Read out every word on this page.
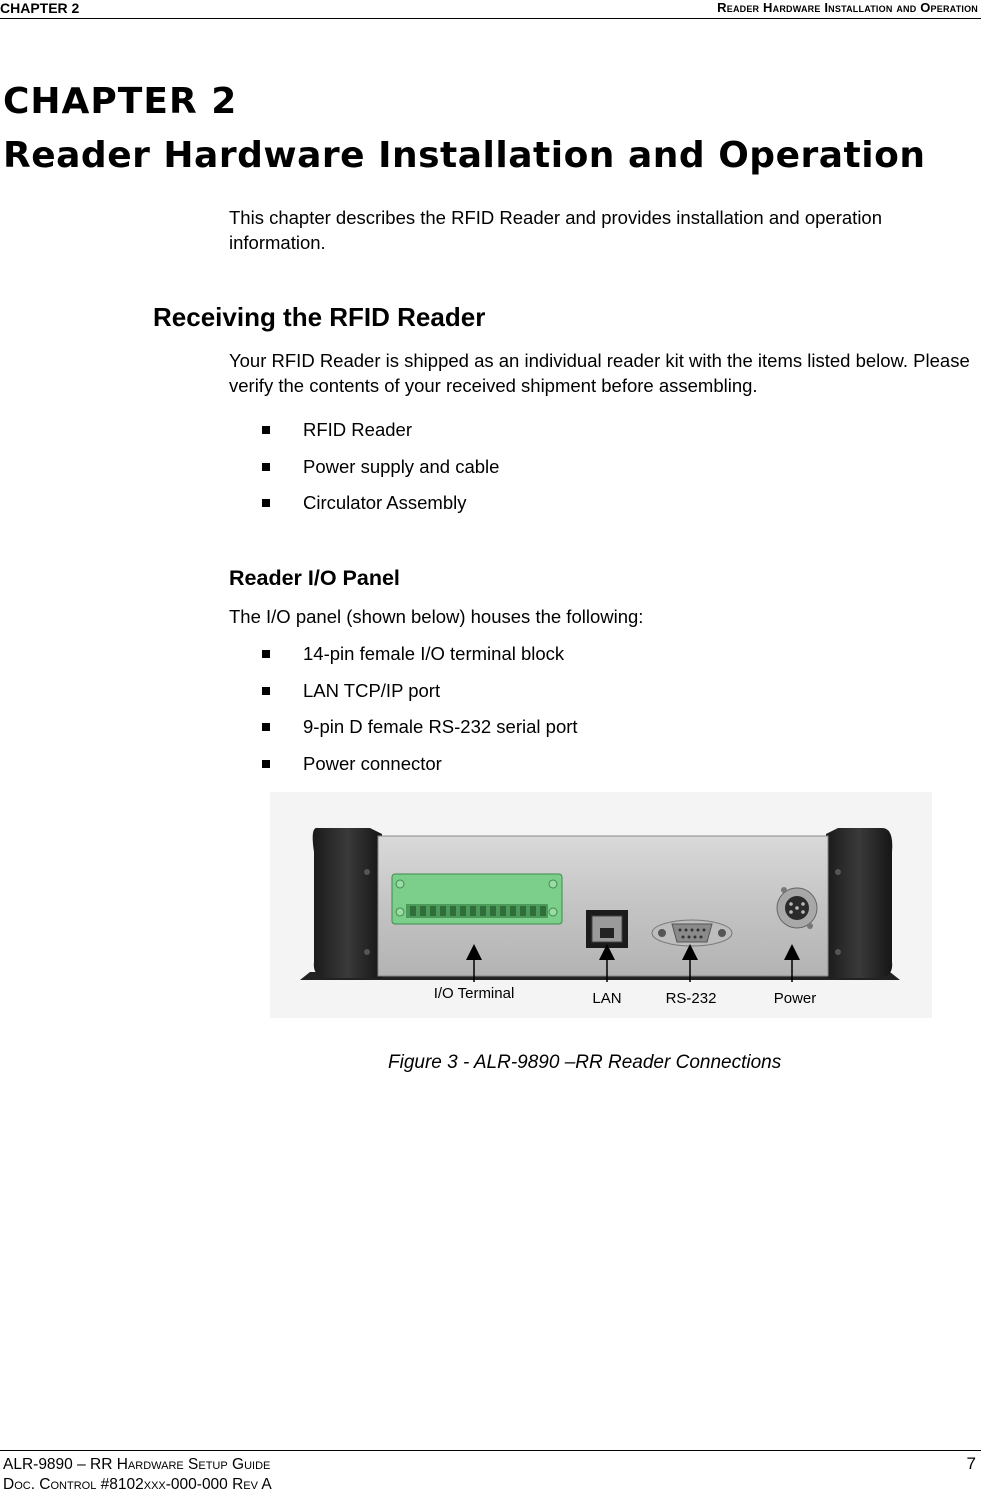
CHAPTER 2	Reader Hardware Installation and Operation
CHAPTER 2
Reader Hardware Installation and Operation
This chapter describes the RFID Reader and provides installation and operation information.
Receiving the RFID Reader
Your RFID Reader is shipped as an individual reader kit with the items listed below. Please verify the contents of your received shipment before assembling.
RFID Reader
Power supply and cable
Circulator Assembly
Reader I/O Panel
The I/O panel (shown below) houses the following:
14-pin female I/O terminal block
LAN TCP/IP port
9-pin D female RS-232 serial port
Power connector
I/O Terminal	LAN	RS-232	Power
Figure 3 - ALR-9890 –RR Reader Connections
ALR-9890 – RR Hardware Setup Guide
Doc. Control #8102xxx-000-000 Rev A
7
